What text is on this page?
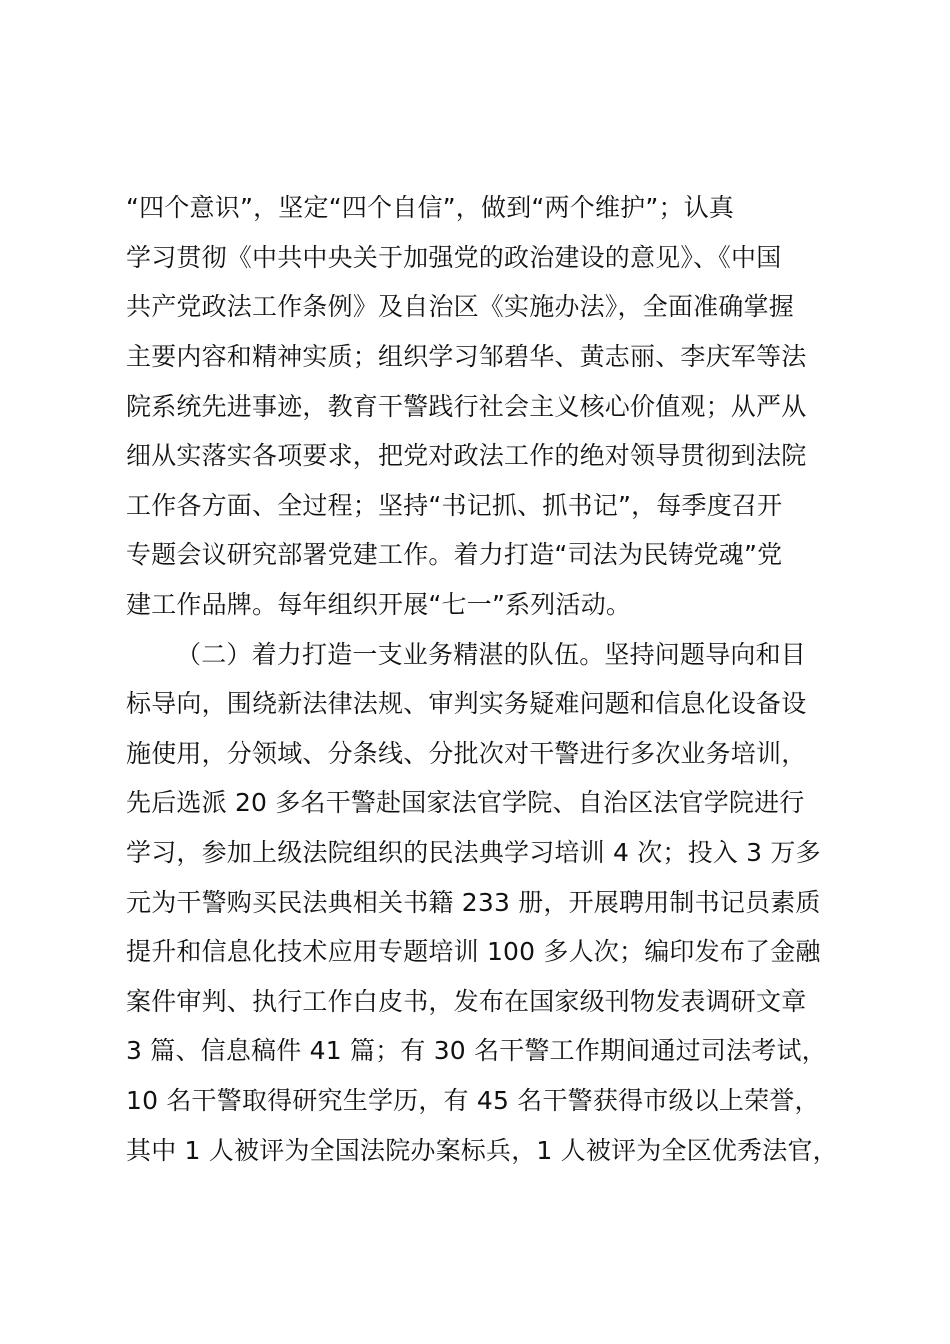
“四个意识”，坚定“四个自信”，做到“两个维护”；认真
学习贯彻《中共中央关于加强党的政治建设的意见》、《中国
共产党政法工作条例》及自治区《实施办法》，全面准确掌握
主要内容和精神实质；组织学习邹碧华、黄志丽、李庆军等法
院系统先进事迹，教育干警践行社会主义核心价值观；从严从
细从实落实各项要求，把党对政法工作的绝对领导贯彻到法院
工作各方面、全过程；坚持“书记抓、抓书记”，每季度召开
专题会议研究部署党建工作。着力打造“司法为民铸党魂”党
建工作品牌。每年组织开展“七一”系列活动。
（二）着力打造一支业务精湛的队伍。坚持问题导向和目
标导向，围绕新法律法规、审判实务疑难问题和信息化设备设
施使用，分领域、分条线、分批次对干警进行多次业务培训，
先后选派 20 多名干警赴国家法官学院、自治区法官学院进行
学习，参加上级法院组织的民法典学习培训 4 次；投入 3 万多
元为干警购买民法典相关书籍 233 册，开展聘用制书记员素质
提升和信息化技术应用专题培训 100 多人次；编印发布了金融
案件审判、执行工作白皮书，发布在国家级刊物发表调研文章
3 篇、信息稿件 41 篇；有 30 名干警工作期间通过司法考试，
10 名干警取得研究生学历，有 45 名干警获得市级以上荣誉，
其中 1 人被评为全国法院办案标兵，1 人被评为全区优秀法官，
